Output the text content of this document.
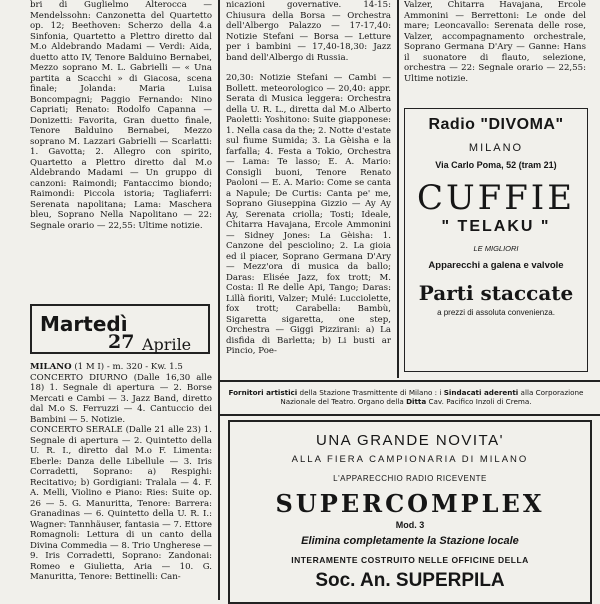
bri di Guglielmo Alterocca — Mendelssohn: Canzonetta del Quartetto op. 12; Beethoven: Scherzo della 4.a Sinfonia, Quartetto a Plettro diretto dal M.o Aldebrando Madami — Verdi: Aida, duetto atto IV, Tenore Balduino Bernabei, Mezzo soprano M. L. Gabrielli — « Una partita a Scacchi » di Giacosa, scena finale; Jolanda: Maria Luisa Boncompagni; Paggio Fernando: Nino Capriati; Renato: Rodolfo Capanna — Donizetti: Favorita, Gran duetto finale, Tenore Balduino Bernabei, Mezzo soprano M. Lazzari Gabrielli — Scarlatti: 1. Gavotta; 2. Allegro con spirito, Quartetto a Plettro diretto dal M.o Aldebrando Madami — Un gruppo di canzoni: Raimondi; Fantaccimo biondo; Raimondi: Piccola istoria; Tagliaferri: Serenata napolitana; Lama: Maschera bleu, Soprano Nella Napolitano — 22: Segnale orario — 22,55: Ultime notizie.

Martedì
27 Aprile

MILANO (1 M I) - m. 320 - Kw. 1.5

CONCERTO DIURNO (Dalle 16,30 alle 18) 1. Segnale di apertura — 2. Borse Mercati e Cambi — 3. Jazz Band, diretto dal M.o S. Ferruzzi — 4. Cantuccio dei Bambini — 5. Notizie.

CONCERTO SERALE (Dalle 21 alle 23) 1. Segnale di apertura — 2. Quintetto della U. R. I., diretto dal M.o F. Limenta: Eberle: Danza delle Libellule — 3. Iris Corradetti, Soprano: a) Respighi: Recitativo; b) Gordigiani: Tralala — 4. F. A. Melli, Violino e Piano: Ries: Suite op. 26 — 5. G. Manuritta, Tenore: Barrera: Granadinas — 6. Quintetto della U. R. I.: Wagner: Tannhäuser, fantasia — 7. Ettore Romagnoli: Lettura di un canto della Divina Commedia — 8. Trio Ungherese — 9. Iris Corradetti, Soprano: Zandonai: Romeo e Giulietta, Aria — 10. G. Manuritta, Tenore: Bettinelli: Can-

nicazioni governative. 14-15: Chiusura della Borsa — Orchestra dell'Albergo Palazzo — 17-17,40: Notizie Stefani — Borsa — Letture per i bambini — 17,40-18,30: Jazz band dell'Albergo di Russia.

20,30: Notizie Stefani — Cambi — Bollett. meteorologico — 20,40: appr. Serata di Musica leggera: Orchestra della U. R. L., diretta dal M.o Alberto Paoletti: Yoshitono: Suite giapponese: 1. Nella casa da the; 2. Notte d'estate sul fiume Sumida; 3. La Gèisha e la farfalla; 4. Festa a Tokio, Orchestra — Lama: Te lasso; E. A. Mario: Consigli buoni, Tenore Renato Paoloni — E. A. Mario: Come se canta a Napule; De Curtis: Canta pe' me, Soprano Giuseppina Gizzio — Ay Ay Ay, Serenata criolla; Tosti; Ideale, Chitarra Havajana, Ercole Ammonini — Sidney Jones: La Gèisha: 1. Canzone del pesciolino; 2. La gioia ed il piacer, Soprano Germana D'Ary — Mezz'ora di musica da ballo; Daras: Elisée Jazz, fox trott; M. Costa: Il Re delle Api, Tango; Daras: Lillà fioriti, Valzer; Mulé: Lucciolette, fox trott; Carabella: Bambù, Sigaretta sigaretta, one step, Orchestra — Giggi Pizzirani: a) La disfida di Barletta; b) Li busti ar Pincio, Poe-

Valzer, Chitarra Havajana, Ercole Ammonini — Berrettoni: Le onde del mare; Leoncavallo: Serenata delle rose, Valzer, accompagnamento orchestrale, Soprano Germana D'Ary — Ganne: Hans il suonatore di flauto, selezione, orchestra — 22: Segnale orario — 22,55: Ultime notizie.

Radio "DIVOMA"
MILANO
Via Carlo Poma, 52 (tram 21)
CUFFIE
" TELAKU "
LE MIGLIORI
Apparecchi a galena e valvole
Parti staccate
a prezzi di assoluta convenienza.
Fornitori artistici della Stazione Trasmittente di Milano : i Sindacati aderenti alla Corporazione Nazionale del Teatro. Organo della Ditta Cav. Pacifico Inzoli di Crema.
UNA GRANDE NOVITA'
ALLA FIERA CAMPIONARIA DI MILANO
L'APPARECCHIO RADIO RICEVENTE
SUPERCOMPLEX
Mod. 3
Elimina completamente la Stazione locale
INTERAMENTE COSTRUITO NELLE OFFICINE DELLA
Soc. An. SUPERPILA
